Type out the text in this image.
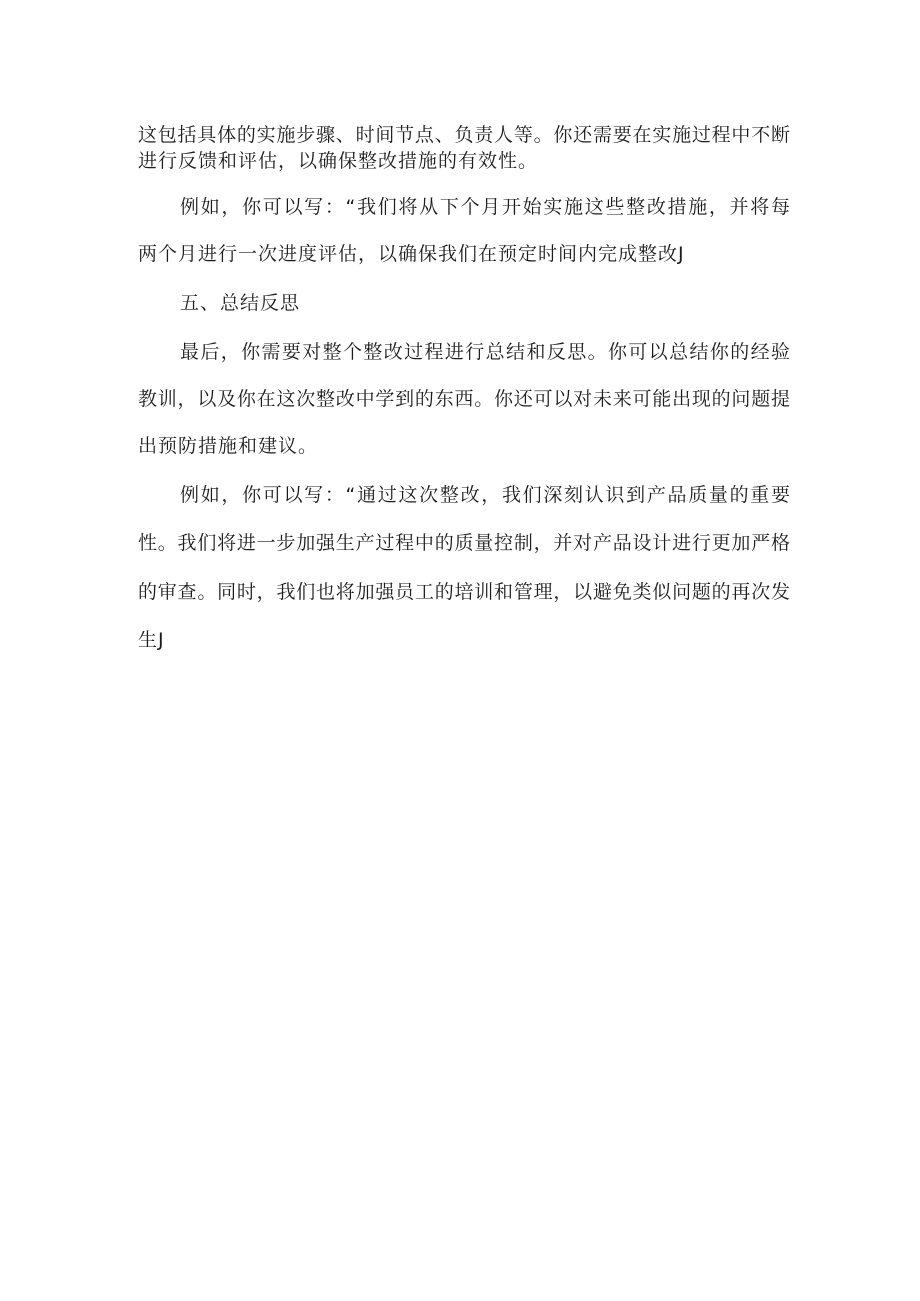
这包括具体的实施步骤、时间节点、负责人等。你还需要在实施过程中不断
进行反馈和评估，以确保整改措施的有效性。
例如，你可以写：“我们将从下个月开始实施这些整改措施，并将每
两个月进行一次进度评估，以确保我们在预定时间内完成整改J
五、总结反思
最后，你需要对整个整改过程进行总结和反思。你可以总结你的经验
教训，以及你在这次整改中学到的东西。你还可以对未来可能出现的问题提
出预防措施和建议。
例如，你可以写：“通过这次整改，我们深刻认识到产品质量的重要
性。我们将进一步加强生产过程中的质量控制，并对产品设计进行更加严格
的审查。同时，我们也将加强员工的培训和管理，以避免类似问题的再次发
生J
